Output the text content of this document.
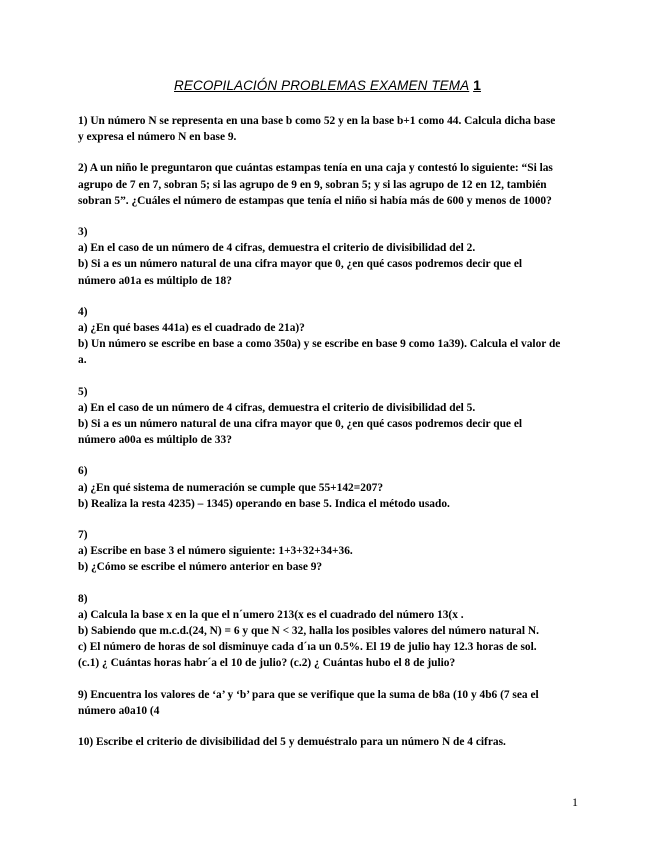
RECOPILACIÓN PROBLEMAS EXAMEN TEMA 1
1) Un número N se representa en una base b como 52 y en la base b+1 como 44. Calcula dicha base
y expresa el número N en base 9.
2) A un niño le preguntaron que cuántas estampas tenía en una caja y contestó lo siguiente: “Si las
agrupo de 7 en 7, sobran 5; si las agrupo de 9 en 9, sobran 5; y si las agrupo de 12 en 12, también
sobran 5”. ¿Cuáles el número de estampas que tenía el niño si había más de 600 y menos de 1000?
3)
a) En el caso de un número de 4 cifras, demuestra el criterio de divisibilidad del 2.
b) Si a es un número natural de una cifra mayor que 0, ¿en qué casos podremos decir que el
número a01a es múltiplo de 18?
4)
a) ¿En qué bases 441a) es el cuadrado de 21a)?
b) Un número se escribe en base a como 350a) y se escribe en base 9 como 1a39). Calcula el valor de
a.
5)
a) En el caso de un número de 4 cifras, demuestra el criterio de divisibilidad del 5.
b) Si a es un número natural de una cifra mayor que 0, ¿en qué casos podremos decir que el
número a00a es múltiplo de 33?
6)
a) ¿En qué sistema de numeración se cumple que 55+142=207?
b) Realiza la resta 4235) – 1345) operando en base 5. Indica el método usado.
7)
a) Escribe en base 3 el número siguiente: 1+3+32+34+36.
b) ¿Cómo se escribe el número anterior en base 9?
8)
a) Calcula la base x en la que el n´umero 213(x es el cuadrado del número 13(x .
b) Sabiendo que m.c.d.(24, N) = 6 y que N < 32, halla los posibles valores del número natural N.
c) El número de horas de sol disminuye cada d´ıa un 0.5%. El 19 de julio hay 12.3 horas de sol.
(c.1) ¿ Cuántas horas habr´a el 10 de julio? (c.2) ¿ Cuántas hubo el 8 de julio?
9) Encuentra los valores de ‘a’ y ‘b’ para que se verifique que la suma de b8a (10 y 4b6 (7 sea el
número a0a10 (4
10) Escribe el criterio de divisibilidad del 5 y demuéstralo para un número N de 4 cifras.
1
